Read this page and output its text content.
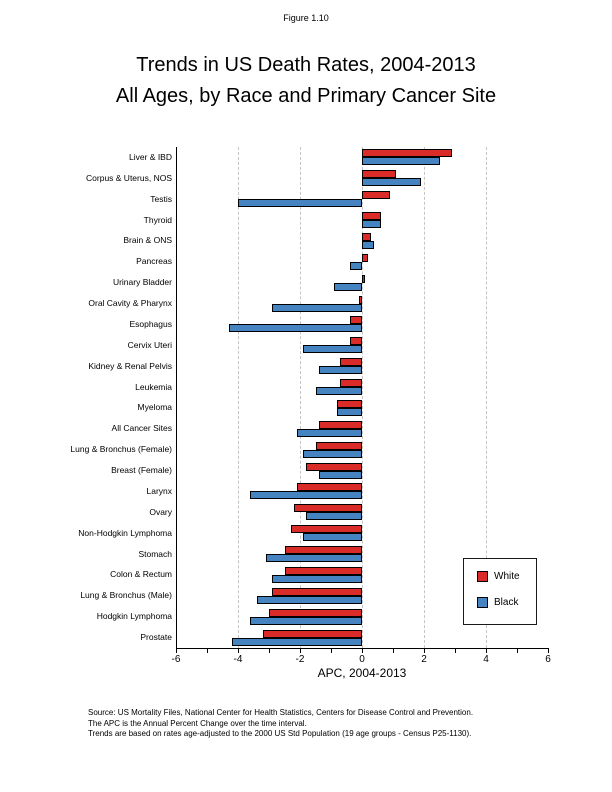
Figure 1.10
Trends in US Death Rates, 2004-2013
All Ages, by Race and Primary Cancer Site
-6	-4	-2	0	2	4	6
Liver & IBD
Corpus & Uterus, NOS
Testis
Thyroid
Brain & ONS
Pancreas
Urinary Bladder
Oral Cavity & Pharynx
Esophagus
Cervix Uteri
Kidney & Renal Pelvis
Leukemia
Myeloma
All Cancer Sites
Lung & Bronchus (Female)
Breast (Female)
Larynx
Ovary
Non-Hodgkin Lymphoma
Stomach
Colon & Rectum
Lung & Bronchus (Male)
Hodgkin Lymphoma
Prostate
APC, 2004-2013
White
Black
Source: US Mortality Files, National Center for Health Statistics, Centers for Disease Control and Prevention.
The APC is the Annual Percent Change over the time interval.
Trends are based on rates age-adjusted to the 2000 US Std Population (19 age groups - Census P25-1130).
